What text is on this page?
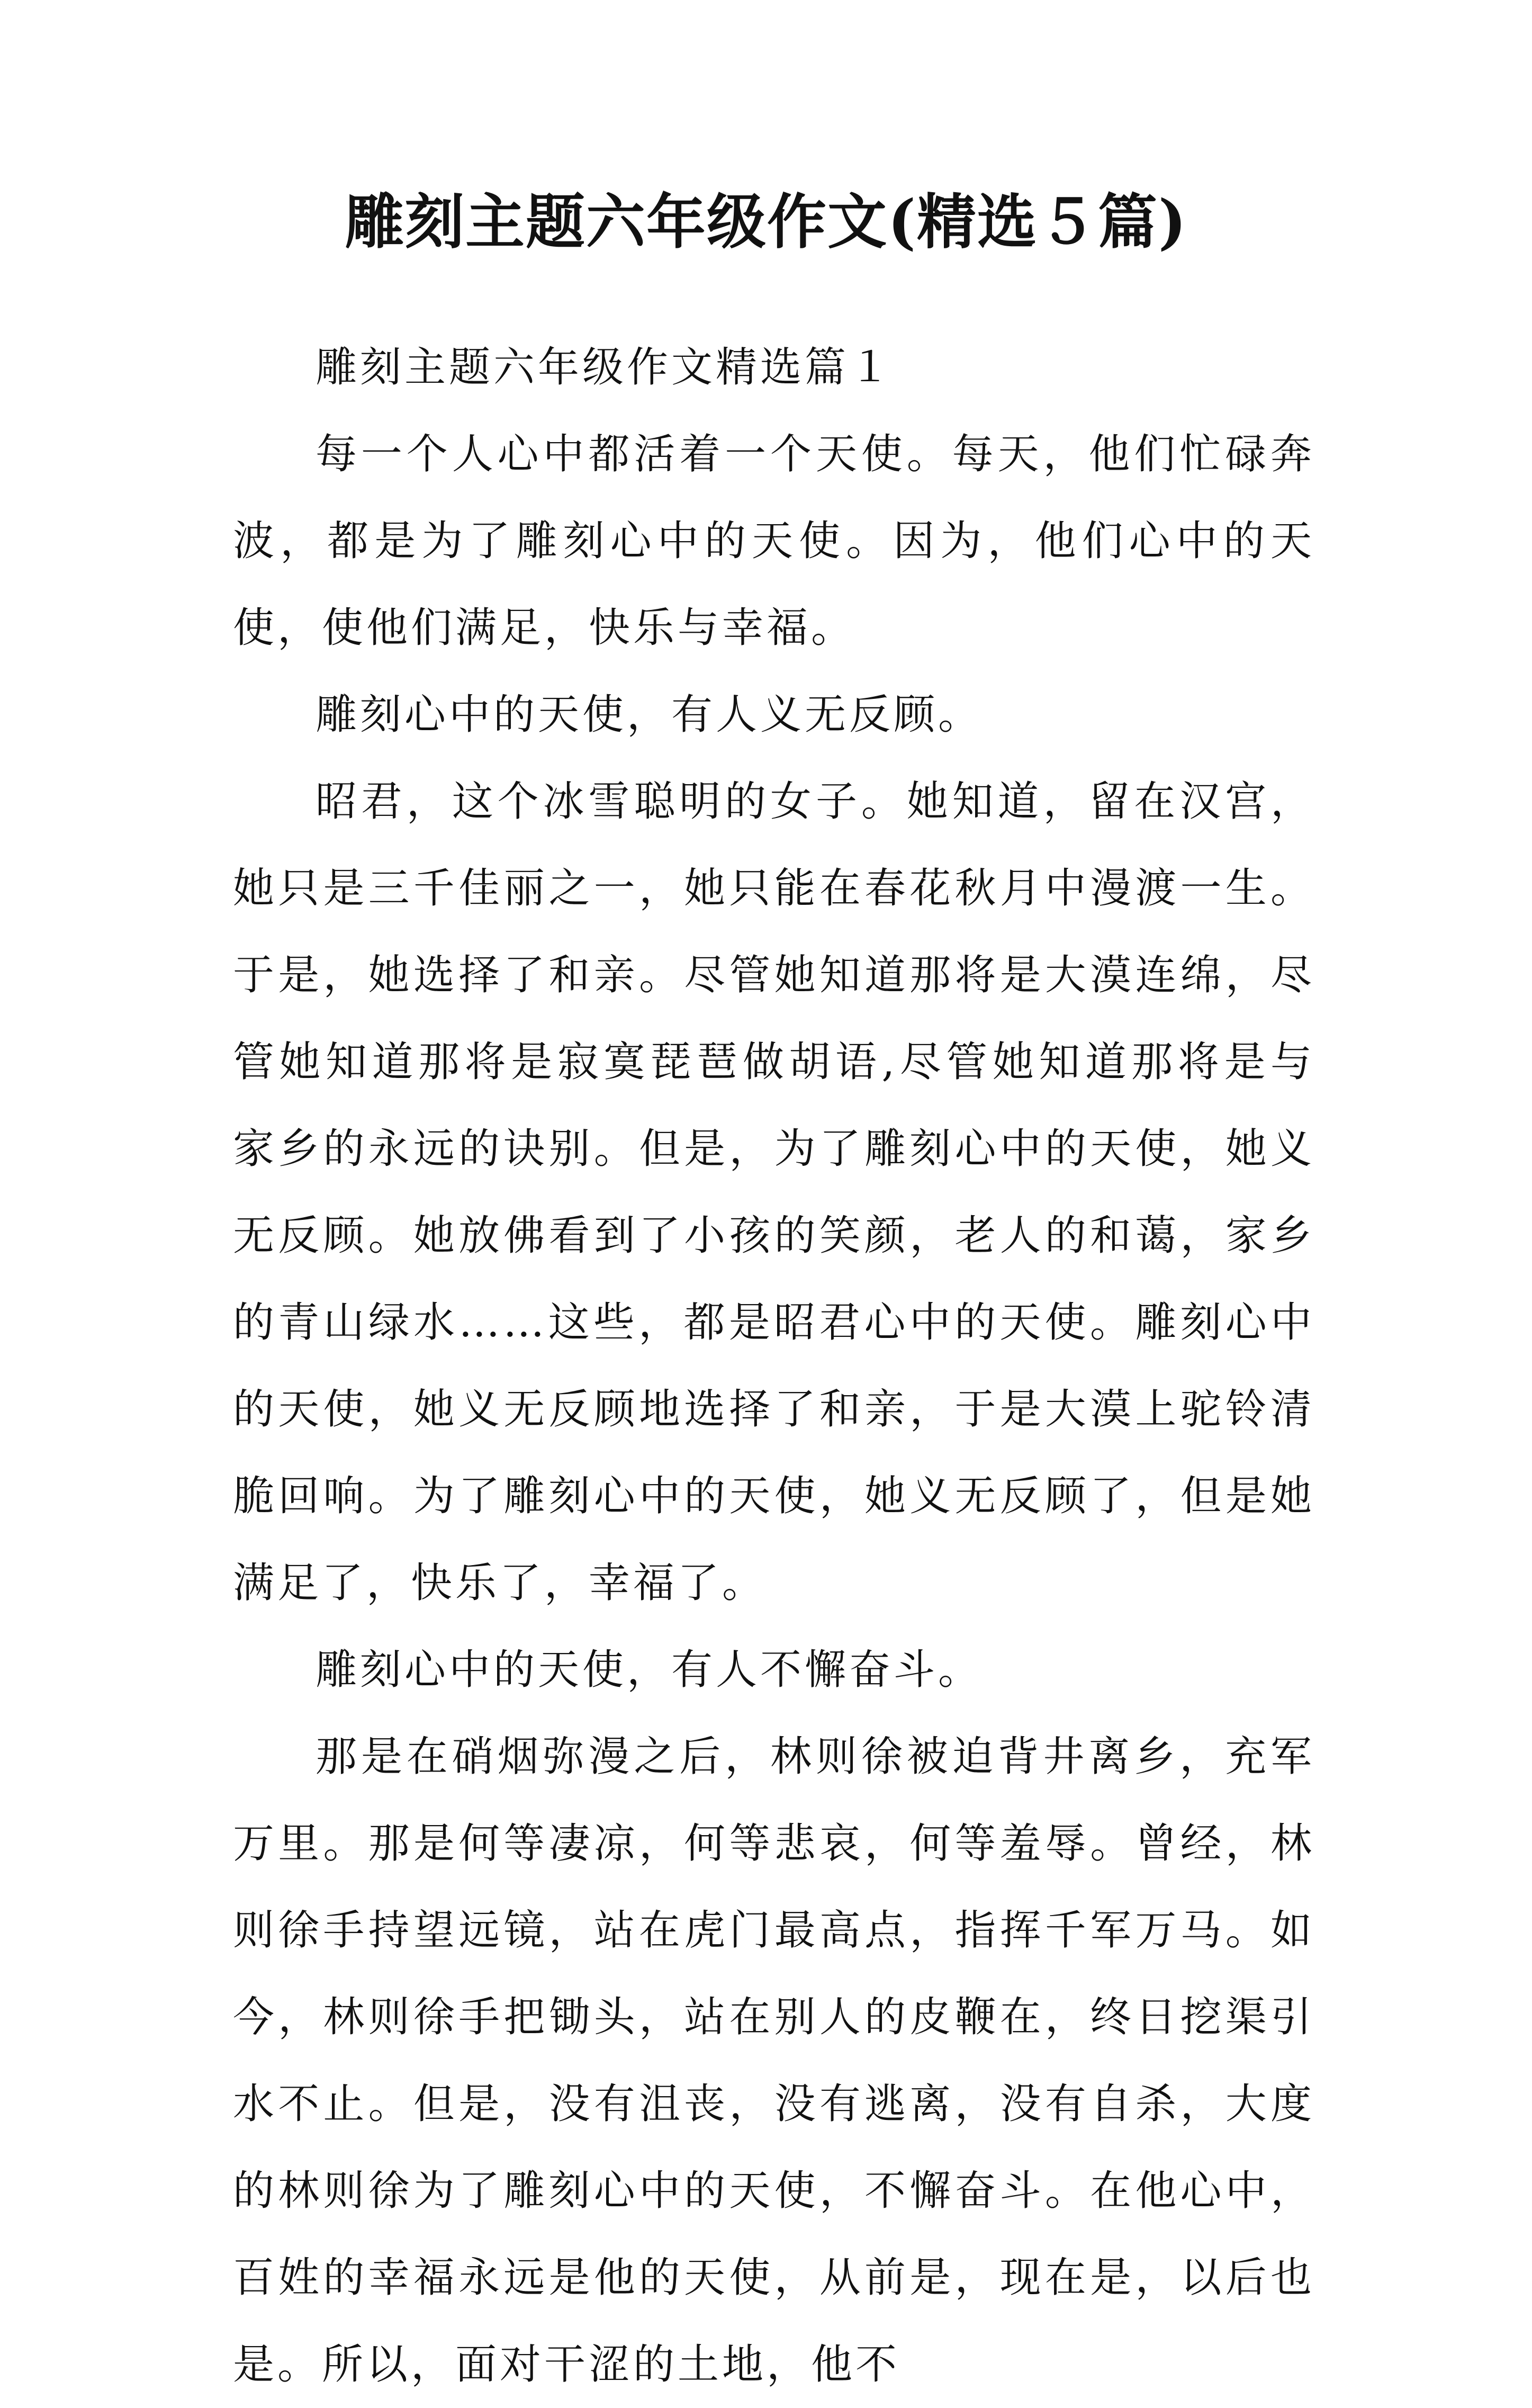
雕刻主题六年级作文(精选５篇)

雕刻主题六年级作文精选篇１

每一个人心中都活着一个天使。每天，他们忙碌奔波，都是为了雕刻心中的天使。因为，他们心中的天使，使他们满足，快乐与幸福。

雕刻心中的天使，有人义无反顾。

昭君，这个冰雪聪明的女子。她知道，留在汉宫，她只是三千佳丽之一，她只能在春花秋月中漫渡一生。于是，她选择了和亲。尽管她知道那将是大漠连绵，尽管她知道那将是寂寞琵琶做胡语,尽管她知道那将是与家乡的永远的诀别。但是，为了雕刻心中的天使，她义无反顾。她放佛看到了小孩的笑颜，老人的和蔼，家乡的青山绿水……这些，都是昭君心中的天使。雕刻心中的天使，她义无反顾地选择了和亲，于是大漠上驼铃清脆回响。为了雕刻心中的天使，她义无反顾了，但是她满足了，快乐了，幸福了。

雕刻心中的天使，有人不懈奋斗。

那是在硝烟弥漫之后，林则徐被迫背井离乡，充军万里。那是何等凄凉，何等悲哀，何等羞辱。曾经，林则徐手持望远镜，站在虎门最高点，指挥千军万马。如今，林则徐手把锄头，站在别人的皮鞭在，终日挖渠引水不止。但是，没有沮丧，没有逃离，没有自杀，大度的林则徐为了雕刻心中的天使，不懈奋斗。在他心中，百姓的幸福永远是他的天使，从前是，现在是，以后也是。所以，面对干涩的土地，他不
